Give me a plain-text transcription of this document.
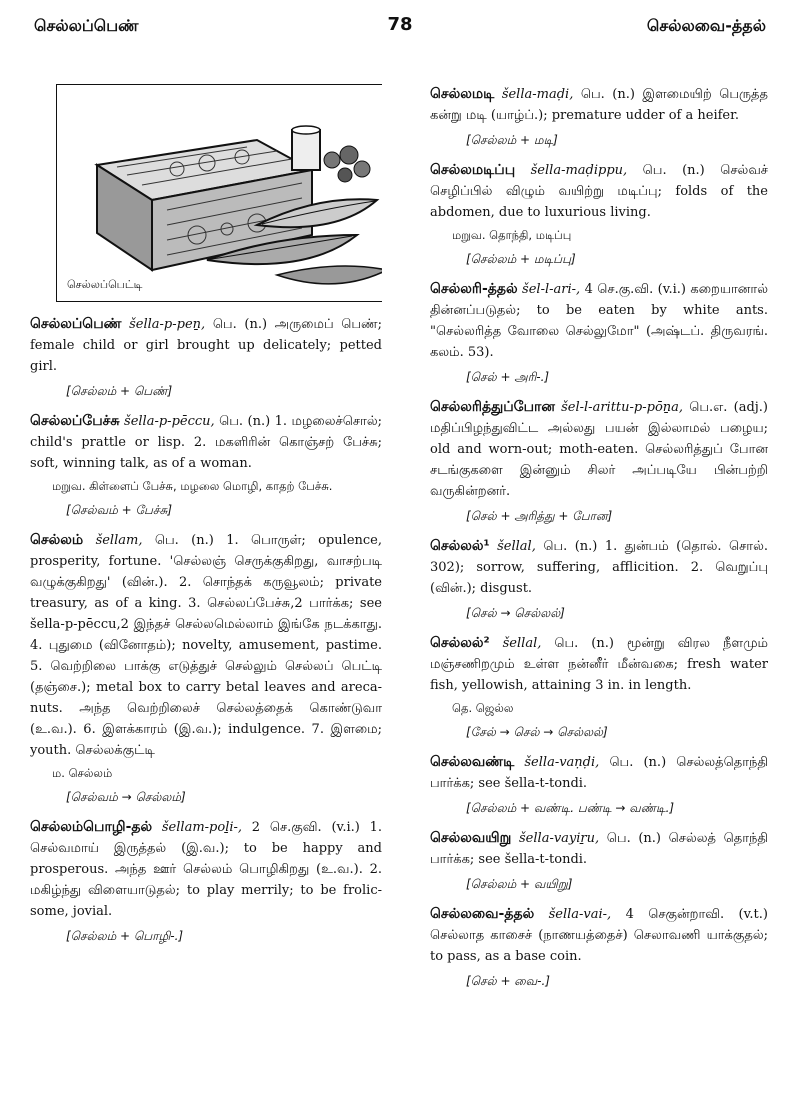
செல்லப்பெண்	78	செல்லவை-த்தல்
செல்லப்பெட்டி
செல்லப்பெண் šella-p-peṉ, பெ. (n.) அருமைப் பெண்; female child or girl brought up delicately; petted girl.
[செல்லம் + பெண்]
செல்லப்பேச்சு šella-p-pēccu, பெ. (n.) 1. மழலைச்சொல்; child's prattle or lisp. 2. மகளிரின் கொஞ்சற் பேச்சு; soft, winning talk, as of a woman.
மறுவ. கிள்ளைப் பேச்சு, மழலை மொழி, காதற் பேச்சு.
[செல்வம் + பேச்சு]
செல்லம் šellam, பெ. (n.) 1. பொருள்; opulence, prosperity, fortune. 'செல்லஞ் செருக்குகிறது, வாசற்படி வழுக்குகிறது' (வின்.). 2. சொந்தக் கருவூலம்; private treasury, as of a king. 3. செல்லப்பேச்சு,2 பார்க்க; see šella-p-pēccu,2 இந்தச் செல்லமெல்லாம் இங்கே நடக்காது. 4. புதுமை (வினோதம்); novelty, amusement, pastime. 5. வெற்றிலை பாக்கு எடுத்துச் செல்லும் செல்லப் பெட்டி (தஞ்சை.); metal box to carry betal leaves and areca-nuts. அந்த வெற்றிலைச் செல்லத்தைக் கொண்டுவா (உ.வ.). 6. இளக்காரம் (இ.வ.); indulgence. 7. இளமை; youth. செல்லக்குட்டி
ம. செல்லம்
[செல்வம் → செல்லம்]
செல்லம்பொழி-தல் šellam-poḻi-, 2 செ.குவி. (v.i.) 1. செல்வமாய் இருத்தல் (இ.வ.); to be happy and prosperous. அந்த ஊர் செல்லம் பொழிகிறது (உ.வ.). 2. மகிழ்ந்து விளையாடுதல்; to play merrily; to be frolic-some, jovial.
[செல்லம் + பொழி-.]
செல்லமடி šella-maḍi, பெ. (n.) இளமையிற் பெருத்த கன்று மடி (யாழ்ப்.); premature udder of a heifer.
[செல்லம் + மடி]
செல்லமடிப்பு šella-maḍippu, பெ. (n.) செல்வச் செழிப்பில் விழும் வயிற்று மடிப்பு; folds of the abdomen, due to luxurious living.
மறுவ. தொந்தி, மடிப்பு
[செல்லம் + மடிப்பு]
செல்லரி-த்தல் šel-l-ari-, 4 செ.கு.வி. (v.i.) கறையானால் தின்னப்படுதல்; to be eaten by white ants. "செல்லரித்த வோலை செல்லுமோ" (அஷ்டப். திருவரங். கலம். 53).
[செல் + அரி-.]
செல்லரித்துப்போன šel-l-arittu-p-pōṉa, பெ.எ. (adj.) மதிப்பிழந்துவிட்ட அல்லது பயன் இல்லாமல் பழைய; old and worn-out; moth-eaten. செல்லரித்துப் போன சடங்குகளை இன்னும் சிலர் அப்படியே பின்பற்றி வருகின்றனர்.
[செல் + அரித்து + போன]
செல்லல்¹ šellal, பெ. (n.) 1. துன்பம் (தொல். சொல். 302); sorrow, suffering, afflicition. 2. வெறுப்பு (வின்.); disgust.
[செல் → செல்லல்]
செல்லல்² šellal, பெ. (n.) மூன்று விரல நீளமும் மஞ்சணிறமும் உள்ள நன்னீர் மீன்வகை; fresh water fish, yellowish, attaining 3 in. in length.
தெ. ஜெல்ல
[சேல் → செல் → செல்லல்]
செல்லவண்டி šella-vaṇḍi, பெ. (n.) செல்லத்தொந்தி பார்க்க; see šella-t-tondi.
[செல்லம் + வண்டி. பண்டி → வண்டி.]
செல்லவயிறு šella-vayiṟu, பெ. (n.) செல்லத் தொந்தி பார்க்க; see šella-t-tondi.
[செல்லம் + வயிறு]
செல்லவை-த்தல் šella-vai-, 4 செகுன்றாவி. (v.t.) செல்லாத காசைச் (நாணயத்தைச்) செலாவணி யாக்குதல்; to pass, as a base coin.
[செல் + வை-.]
